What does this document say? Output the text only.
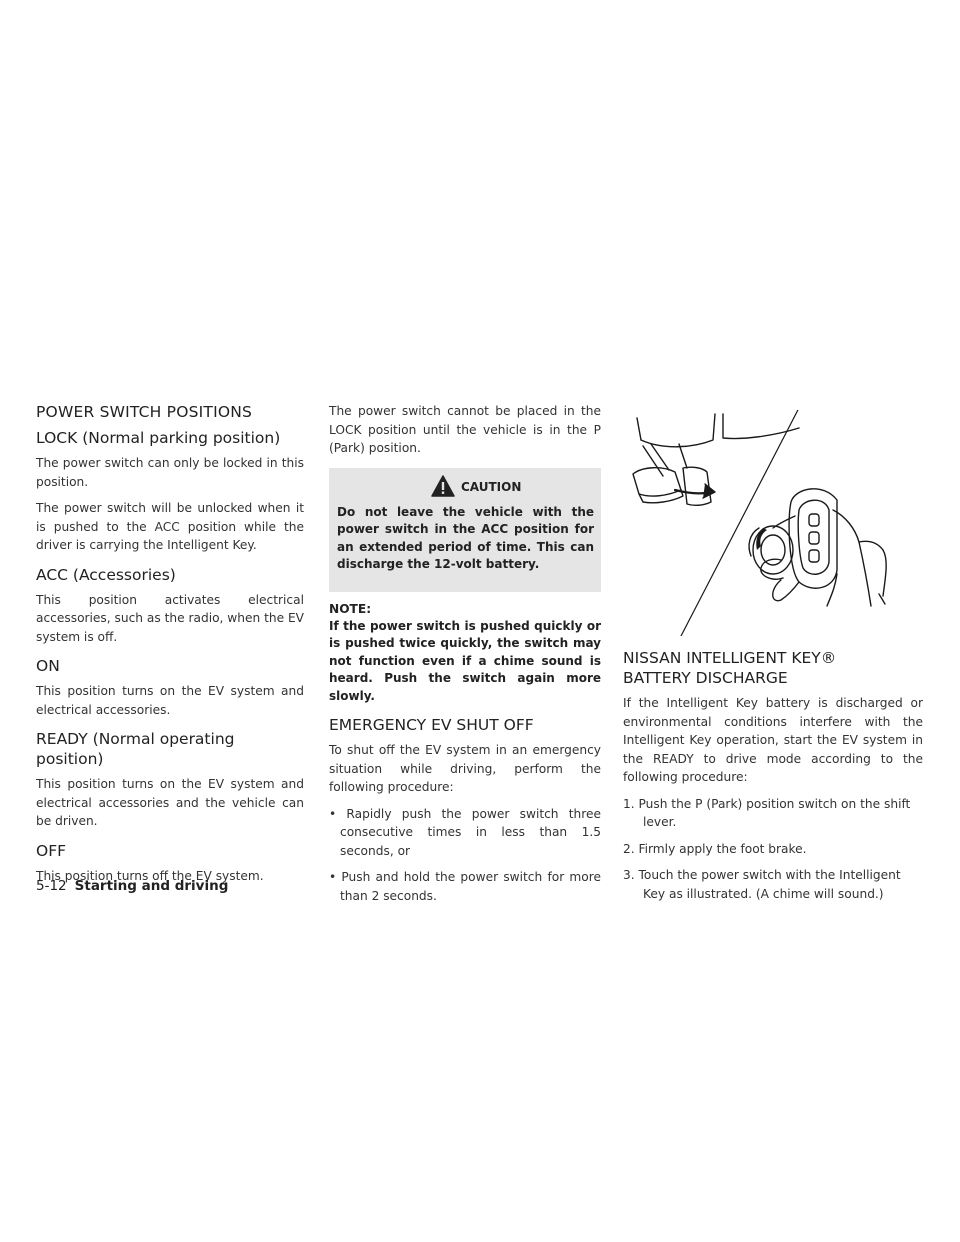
POWER SWITCH POSITIONS
LOCK (Normal parking position)

The power switch can only be locked in this position.

The power switch will be unlocked when it is pushed to the ACC position while the driver is carrying the Intelligent Key.

ACC (Accessories)

This position activates electrical accessories, such as the radio, when the EV system is off.

ON

This position turns on the EV system and electrical accessories.

READY (Normal operating position)

This position turns on the EV system and electrical accessories and the vehicle can be driven.

OFF

This position turns off the EV system.

The power switch cannot be placed in the LOCK position until the vehicle is in the P (Park) position.

CAUTION

Do not leave the vehicle with the power switch in the ACC position for an extended period of time. This can discharge the 12-volt battery.

NOTE:

If the power switch is pushed quickly or is pushed twice quickly, the switch may not function even if a chime sound is heard. Push the switch again more slowly.

EMERGENCY EV SHUT OFF

To shut off the EV system in an emergency situation while driving, perform the following procedure:

• Rapidly push the power switch three consecutive times in less than 1.5 seconds, or

• Push and hold the power switch for more than 2 seconds.

NISSAN INTELLIGENT KEY®
BATTERY DISCHARGE

If the Intelligent Key battery is discharged or environmental conditions interfere with the Intelligent Key operation, start the EV system in the READY to drive mode according to the following procedure:

1. Push the P (Park) position switch on the shift lever.

2. Firmly apply the foot brake.

3. Touch the power switch with the Intelligent Key as illustrated. (A chime will sound.)

5-12 Starting and driving
